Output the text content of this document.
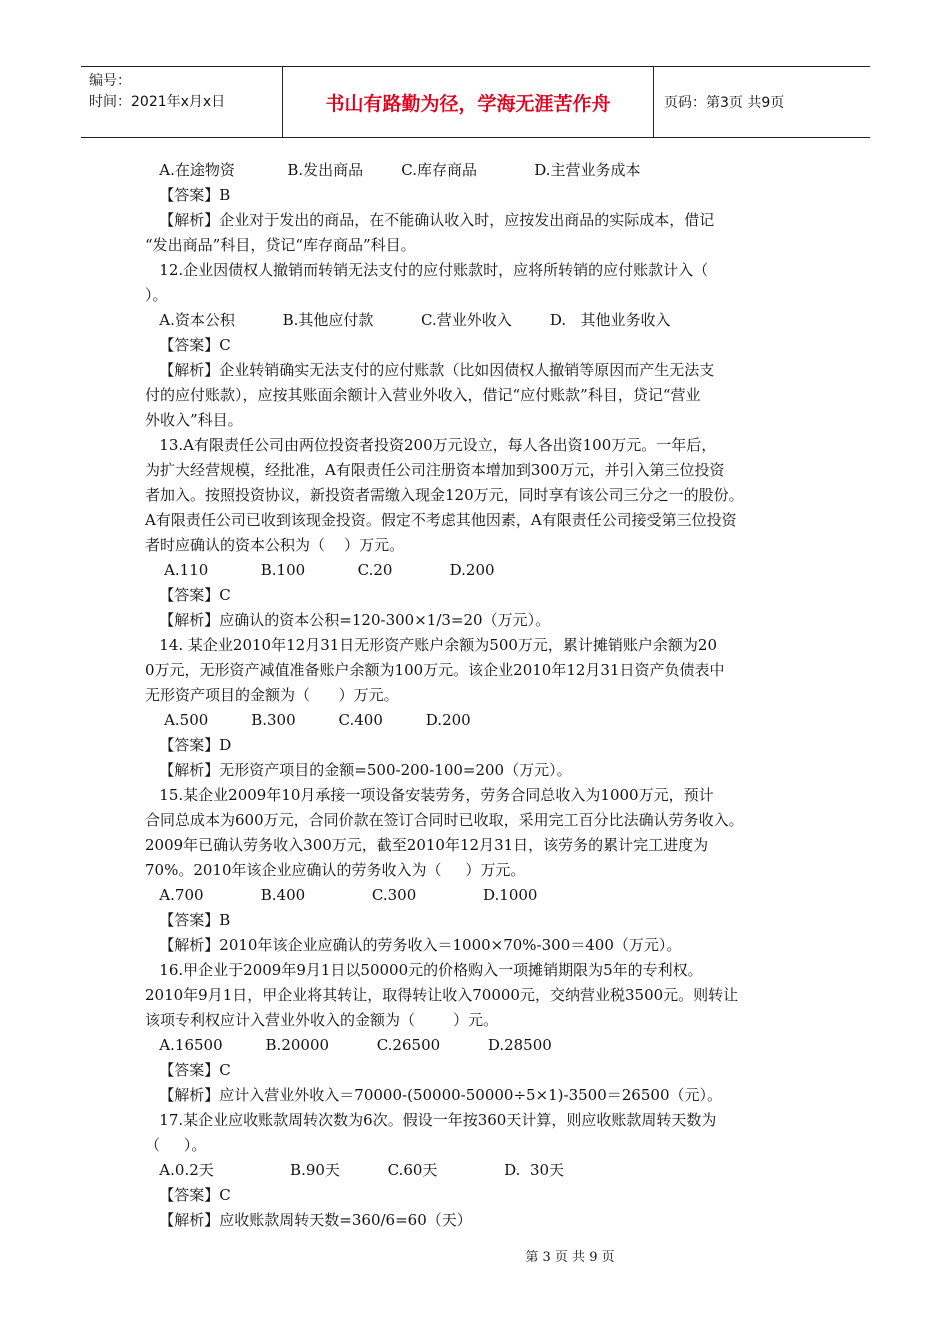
编号：
时间：2021年x月x日	书山有路勤为径，学海无涯苦作舟	页码：第3页 共9页
A.在途物资           B.发出商品        C.库存商品            D.主营业务成本
【答案】B
【解析】企业对于发出的商品，在不能确认收入时，应按发出商品的实际成本，借记
“发出商品”科目，贷记“库存商品”科目。
12.企业因债权人撤销而转销无法支付的应付账款时，应将所转销的应付账款计入（
）。
A.资本公积          B.其他应付款          C.营业外收入        D.   其他业务收入
【答案】C
【解析】企业转销确实无法支付的应付账款（比如因债权人撤销等原因而产生无法支
付的应付账款），应按其账面余额计入营业外收入，借记“应付账款”科目，贷记“营业
外收入”科目。
13.A有限责任公司由两位投资者投资200万元设立，每人各出资100万元。一年后，
为扩大经营规模，经批准，A有限责任公司注册资本增加到300万元，并引入第三位投资
者加入。按照投资协议，新投资者需缴入现金120万元，同时享有该公司三分之一的股份。
A有限责任公司已收到该现金投资。假定不考虑其他因素，A有限责任公司接受第三位投资
者时应确认的资本公积为（    ）万元。
A.110           B.100           C.20            D.200
【答案】C
【解析】应确认的资本公积=120-300×1/3=20（万元）。
14. 某企业2010年12月31日无形资产账户余额为500万元，累计摊销账户余额为20
0万元，无形资产减值准备账户余额为100万元。该企业2010年12月31日资产负债表中
无形资产项目的金额为（      ）万元。
A.500         B.300         C.400         D.200
【答案】D
【解析】无形资产项目的金额=500-200-100=200（万元）。
15.某企业2009年10月承接一项设备安装劳务，劳务合同总收入为1000万元，预计
合同总成本为600万元，合同价款在签订合同时已收取，采用完工百分比法确认劳务收入。
2009年已确认劳务收入300万元，截至2010年12月31日，该劳务的累计完工进度为
70%。2010年该企业应确认的劳务收入为（     ）万元。
A.700            B.400              C.300              D.1000
【答案】B
【解析】2010年该企业应确认的劳务收入＝1000×70%-300＝400（万元）。
16.甲企业于2009年9月1日以50000元的价格购入一项摊销期限为5年的专利权。
2010年9月1日，甲企业将其转让，取得转让收入70000元，交纳营业税3500元。则转让
该项专利权应计入营业外收入的金额为（        ）元。
A.16500         B.20000          C.26500          D.28500
【答案】C
【解析】应计入营业外收入＝70000-(50000-50000÷5×1)-3500＝26500（元）。
17.某企业应收账款周转次数为6次。假设一年按360天计算，则应收账款周转天数为
（     ）。
A.0.2天                B.90天          C.60天              D.  30天
【答案】C
【解析】应收账款周转天数=360/6=60（天）
第 3 页 共 9 页
